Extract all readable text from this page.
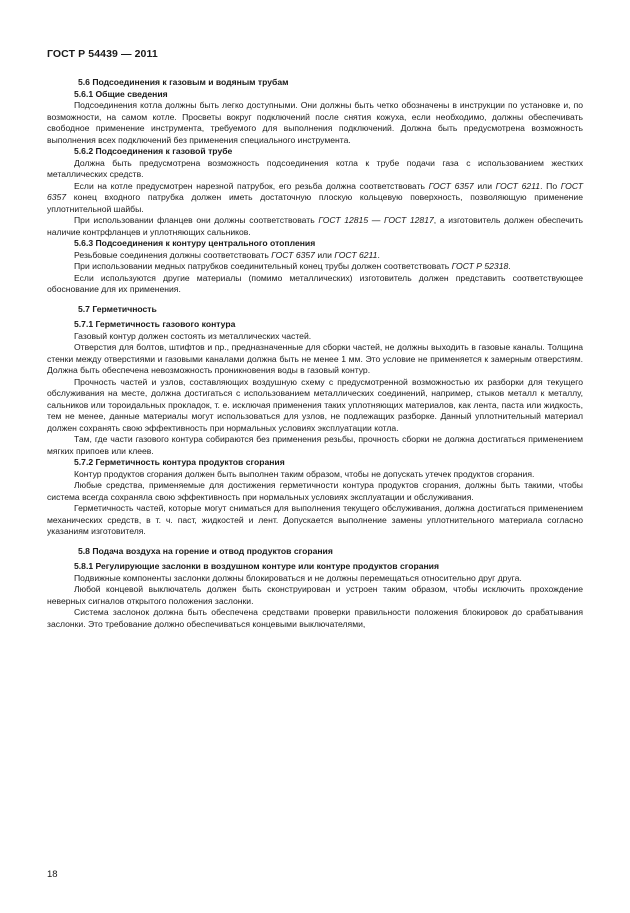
ГОСТ Р 54439 — 2011

5.6 Подсоединения к газовым и водяным трубам

5.6.1 Общие сведения

Подсоединения котла должны быть легко доступными. Они должны быть четко обозначены в инструкции по установке и, по возможности, на самом котле. Просветы вокруг подключений после снятия кожуха, если необходимо, должны обеспечивать свободное применение инструмента, требуемого для выполнения подключений. Должна быть предусмотрена возможность выполнения всех подключений без применения специального инструмента.

5.6.2 Подсоединения к газовой трубе

Должна быть предусмотрена возможность подсоединения котла к трубе подачи газа с использованием жестких металлических средств.

Если на котле предусмотрен нарезной патрубок, его резьба должна соответствовать ГОСТ 6357 или ГОСТ 6211. По ГОСТ 6357 конец входного патрубка должен иметь достаточную плоскую кольцевую поверхность, позволяющую применение уплотнительной шайбы.

При использовании фланцев они должны соответствовать ГОСТ 12815 — ГОСТ 12817, а изготовитель должен обеспечить наличие контрфланцев и уплотняющих сальников.

5.6.3 Подсоединения к контуру центрального отопления

Резьбовые соединения должны соответствовать ГОСТ 6357 или ГОСТ 6211.

При использовании медных патрубков соединительный конец трубы должен соответствовать ГОСТ Р 52318.

Если используются другие материалы (помимо металлических) изготовитель должен представить соответствующее обоснование для их применения.

5.7 Герметичность

5.7.1 Герметичность газового контура

Газовый контур должен состоять из металлических частей.

Отверстия для болтов, штифтов и пр., предназначенные для сборки частей, не должны выходить в газовые каналы. Толщина стенки между отверстиями и газовыми каналами должна быть не менее 1 мм. Это условие не применяется к замерным отверстиям. Должна быть обеспечена невозможность проникновения воды в газовый контур.

Прочность частей и узлов, составляющих воздушную схему с предусмотренной возможностью их разборки для текущего обслуживания на месте, должна достигаться с использованием металлических соединений, например, стыков металл к металлу, сальников или тороидальных прокладок, т. е. исключая применения таких уплотняющих материалов, как лента, паста или жидкость, тем не менее, данные материалы могут использоваться для узлов, не подлежащих разборке. Данный уплотнительный материал должен сохранять свою эффективность при нормальных условиях эксплуатации котла.

Там, где части газового контура собираются без применения резьбы, прочность сборки не должна достигаться применением мягких припоев или клеев.

5.7.2 Герметичность контура продуктов сгорания

Контур продуктов сгорания должен быть выполнен таким образом, чтобы не допускать утечек продуктов сгорания.

Любые средства, применяемые для достижения герметичности контура продуктов сгорания, должны быть такими, чтобы система всегда сохраняла свою эффективность при нормальных условиях эксплуатации и обслуживания.

Герметичность частей, которые могут сниматься для выполнения текущего обслуживания, должна достигаться применением механических средств, в т. ч. паст, жидкостей и лент. Допускается выполнение замены уплотнительного материала согласно указаниям изготовителя.

5.8 Подача воздуха на горение и отвод продуктов сгорания

5.8.1 Регулирующие заслонки в воздушном контуре или контуре продуктов сгорания

Подвижные компоненты заслонки должны блокироваться и не должны перемещаться относительно друг друга.

Любой концевой выключатель должен быть сконструирован и устроен таким образом, чтобы исключить прохождение неверных сигналов открытого положения заслонки.

Система заслонок должна быть обеспечена средствами проверки правильности положения блокировок до срабатывания заслонки. Это требование должно обеспечиваться концевыми выключателями,

18
